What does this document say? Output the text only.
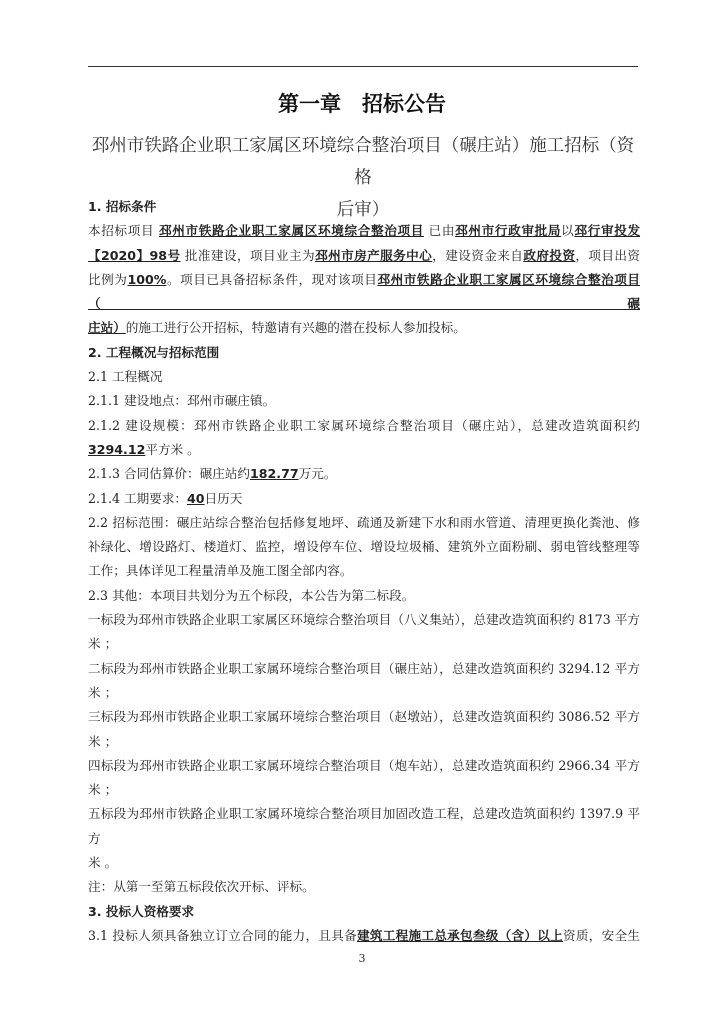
第一章　招标公告
邳州市铁路企业职工家属区环境综合整治项目（碾庄站）施工招标（资格
后审）

1. 招标条件

本招标项目 邳州市铁路企业职工家属区环境综合整治项目 已由邳州市行政审批局以邳行审投发

【2020】98号 批准建设，项目业主为邳州市房产服务中心，建设资金来自政府投资，项目出资

比例为100%。项目已具备招标条件，现对该项目邳州市铁路企业职工家属区环境综合整治项目（碾

庄站）的施工进行公开招标，特邀请有兴趣的潜在投标人参加投标。

2. 工程概况与招标范围

2.1 工程概况

2.1.1 建设地点：邳州市碾庄镇。

2.1.2 建设规模：邳州市铁路企业职工家属环境综合整治项目（碾庄站），总建改造筑面积约

3294.12平方米 。

2.1.3 合同估算价：碾庄站约182.77万元。

2.1.4 工期要求：40日历天

2.2 招标范围：碾庄站综合整治包括修复地坪、疏通及新建下水和雨水管道、清理更换化粪池、修

补绿化、增设路灯、楼道灯、监控，增设停车位、增设垃圾桶、建筑外立面粉刷、弱电管线整理等

工作；具体详见工程量清单及施工图全部内容。

2.3 其他：本项目共划分为五个标段，本公告为第二标段。

一标段为邳州市铁路企业职工家属区环境综合整治项目（八义集站），总建改造筑面积约 8173 平方

米 ；

二标段为邳州市铁路企业职工家属环境综合整治项目（碾庄站），总建改造筑面积约 3294.12 平方

米 ；

三标段为邳州市铁路企业职工家属环境综合整治项目（赵墩站），总建改造筑面积约 3086.52 平方

米 ；

四标段为邳州市铁路企业职工家属环境综合整治项目（炮车站），总建改造筑面积约 2966.34 平方

米 ；

五标段为邳州市铁路企业职工家属环境综合整治项目加固改造工程，总建改造筑面积约 1397.9 平方

米 。

注：从第一至第五标段依次开标、评标。

3. 投标人资格要求

3.1 投标人须具备独立订立合同的能力，且具备建筑工程施工总承包叁级（含）以上资质，安全生

3
